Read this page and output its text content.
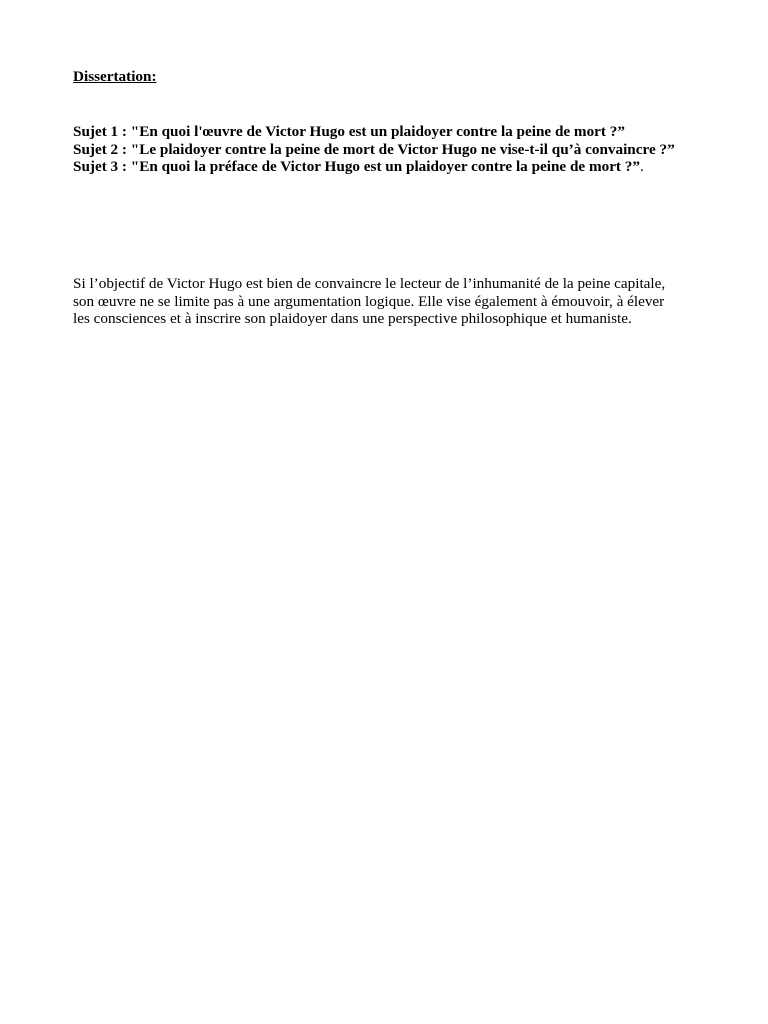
Dissertation:
Sujet 1 : "En quoi l'œuvre de Victor Hugo est un plaidoyer contre la peine de mort ?”
Sujet 2 : "Le plaidoyer contre la peine de mort de Victor Hugo ne vise-t-il qu’à convaincre ?”
Sujet 3 : "En quoi la préface de Victor Hugo est un plaidoyer contre la peine de mort ?”.
Si l’objectif de Victor Hugo est bien de convaincre le lecteur de l’inhumanité de la peine capitale,
son œuvre ne se limite pas à une argumentation logique. Elle vise également à émouvoir, à élever
les consciences et à inscrire son plaidoyer dans une perspective philosophique et humaniste.
